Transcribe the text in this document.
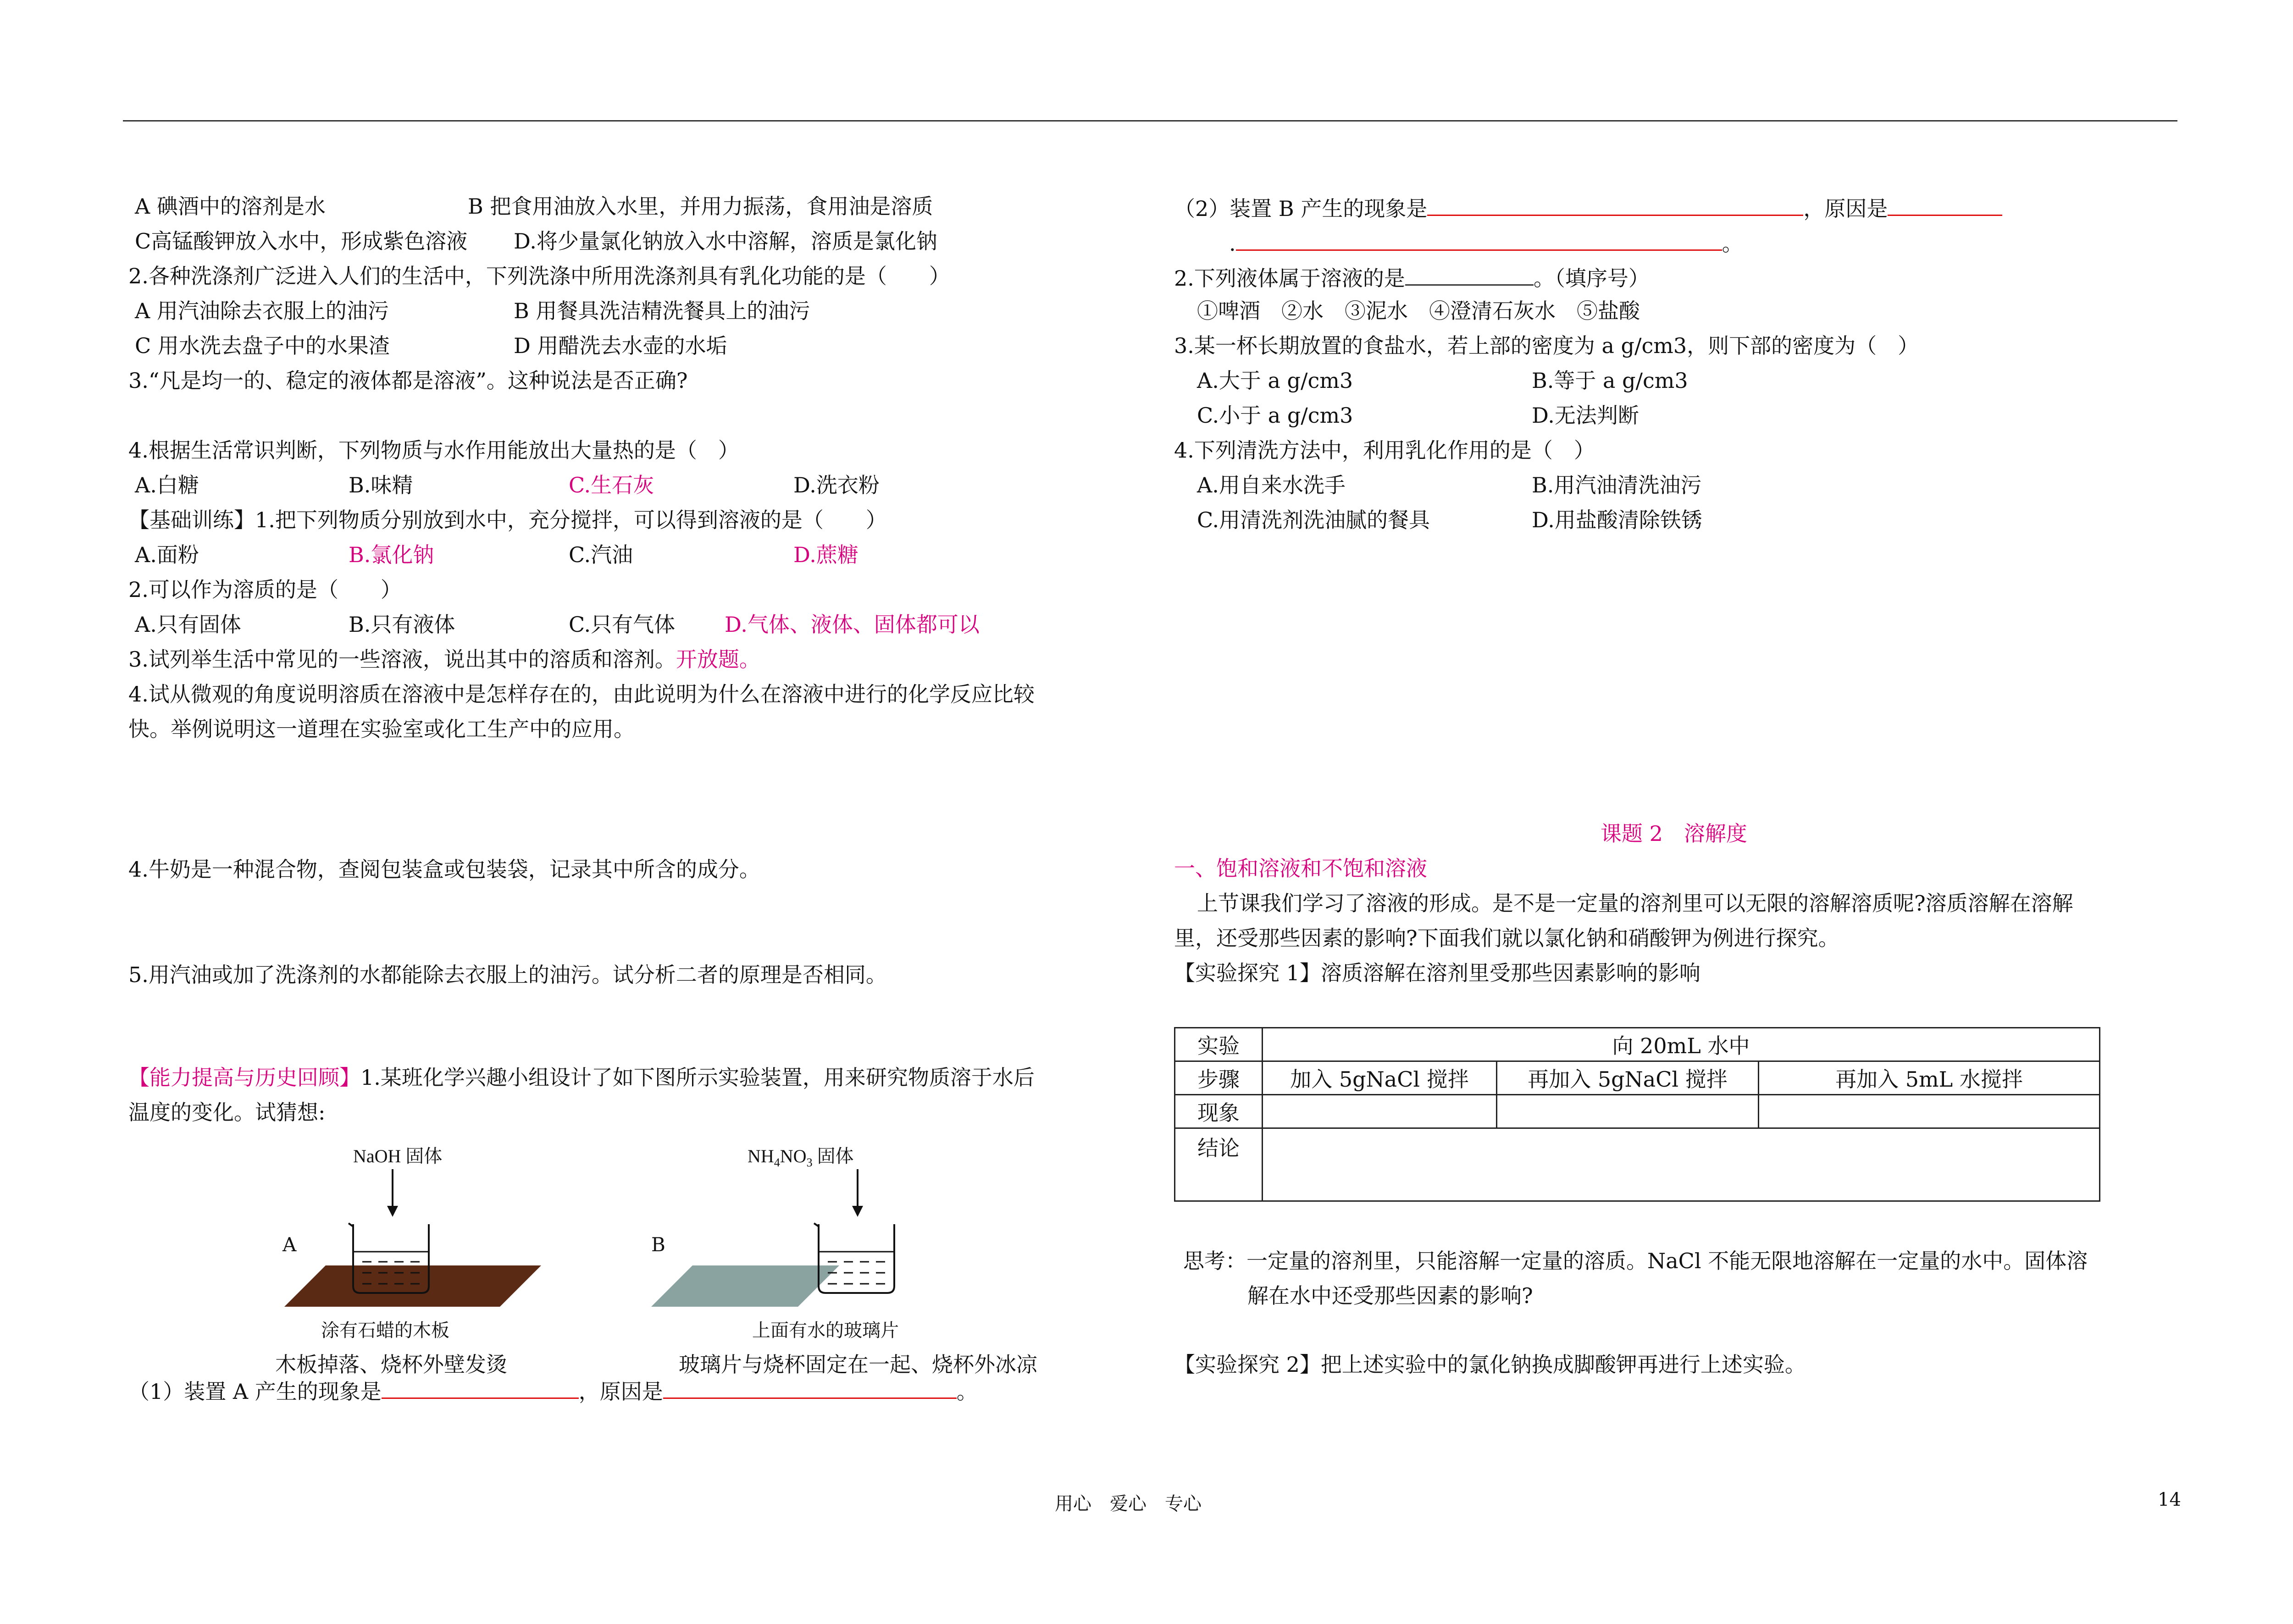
A 碘酒中的溶剂是水	B 把食用油放入水里，并用力振荡，食用油是溶质
C高锰酸钾放入水中，形成紫色溶液 D.将少量氯化钠放入水中溶解，溶质是氯化钠
2.各种洗涤剂广泛进入人们的生活中，下列洗涤中所用洗涤剂具有乳化功能的是（　　）
A 用汽油除去衣服上的油污	B 用餐具洗洁精洗餐具上的油污
C 用水洗去盘子中的水果渣	D 用醋洗去水壶的水垢
3.“凡是均一的、稳定的液体都是溶液”。这种说法是否正确?
4.根据生活常识判断，下列物质与水作用能放出大量热的是（　）
A.白糖	B.味精	C.生石灰	D.洗衣粉
【基础训练】1.把下列物质分别放到水中，充分搅拌，可以得到溶液的是（　　）
A.面粉	B.氯化钠	C.汽油	D.蔗糖
2.可以作为溶质的是（　　）
A.只有固体	B.只有液体	C.只有气体 D.气体、液体、固体都可以
3.试列举生活中常见的一些溶液，说出其中的溶质和溶剂。开放题。
4.试从微观的角度说明溶质在溶液中是怎样存在的，由此说明为什么在溶液中进行的化学反应比较
快。举例说明这一道理在实验室或化工生产中的应用。
4.牛奶是一种混合物，查阅包装盒或包装袋，记录其中所含的成分。
5.用汽油或加了洗涤剂的水都能除去衣服上的油污。试分析二者的原理是否相同。
【能力提高与历史回顾】1.某班化学兴趣小组设计了如下图所示实验装置，用来研究物质溶于水后
温度的变化。试猜想:
NaOH 固体
A
涂有石蜡的木板
木板掉落、烧杯外壁发烫
$NH_4NO_3$ 固体
B
上面有水的玻璃片
玻璃片与烧杯固定在一起、烧杯外冰凉
（1）装置 A 产生的现象是	，原因是	。
（2）装置 B 产生的现象是	，原因是
.	。
2.下列液体属于溶液的是	。（填序号）
①啤酒　②水　③泥水　④澄清石灰水　⑤盐酸
3.某一杯长期放置的食盐水，若上部的密度为 a g/cm3，则下部的密度为（　）
A.大于 a g/cm3	B.等于 a g/cm3
C.小于 a g/cm3	D.无法判断
4.下列清洗方法中，利用乳化作用的是（　）
A.用自来水洗手	B.用汽油清洗油污
C.用清洗剂洗油腻的餐具	D.用盐酸清除铁锈
课题 2　溶解度
一、饱和溶液和不饱和溶液
上节课我们学习了溶液的形成。是不是一定量的溶剂里可以无限的溶解溶质呢?溶质溶解在溶解
里，还受那些因素的影响?下面我们就以氯化钠和硝酸钾为例进行探究。
【实验探究 1】溶质溶解在溶剂里受那些因素影响的影响
实验	向 20mL 水中		
步骤	加入 5gNaCl 搅拌	再加入 5gNaCl 搅拌	再加入 5mL 水搅拌
现象			
结论			
思考：一定量的溶剂里，只能溶解一定量的溶质。NaCl 不能无限地溶解在一定量的水中。固体溶
解在水中还受那些因素的影响?
【实验探究 2】把上述实验中的氯化钠换成脚酸钾再进行上述实验。
用心　爱心　专心	14
